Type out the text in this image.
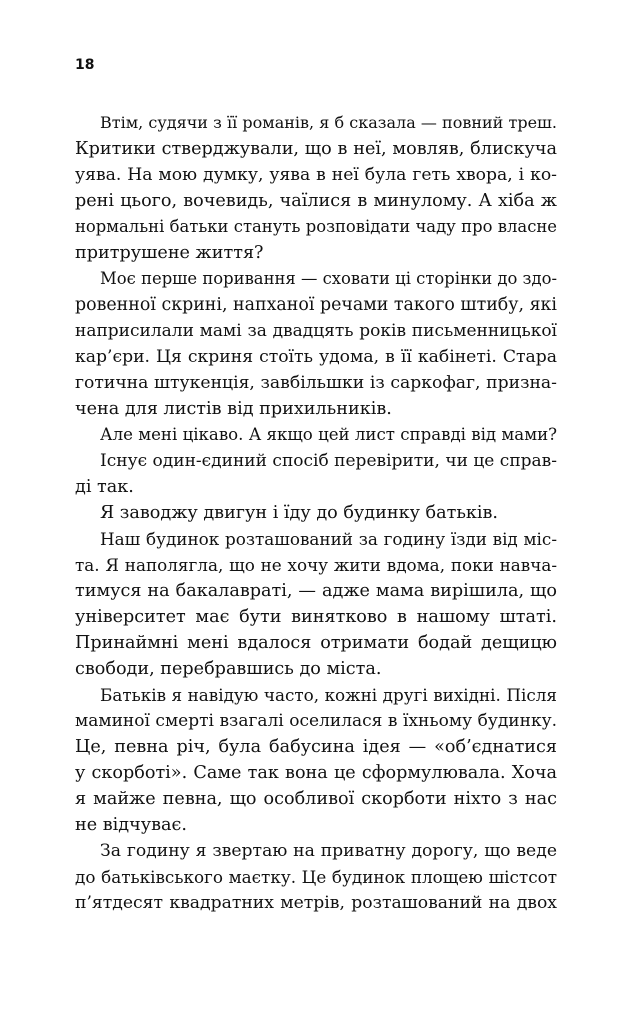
18
Втім, судячи з її романів, я б сказала — повний треш.
Критики стверджували, що в неї, мовляв, блискуча
уява. На мою думку, уява в неї була геть хвора, і ко-
рені цього, вочевидь, чаїлися в минулому. А хіба ж
нормальні батьки стануть розповідати чаду про власне
притрушене життя?
Моє перше поривання — сховати ці сторінки до здо-
ровенної скрині, напханої речами такого штибу, які
наприсилали мамі за двадцять років письменницької
кар’єри. Ця скриня стоїть удома, в її кабінеті. Стара
готична штукенція, завбільшки із саркофаг, призна-
чена для листів від прихильників.
Але мені цікаво. А якщо цей лист справді від мами?
Існує один-єдиний спосіб перевірити, чи це справ-
ді так.
Я заводжу двигун і їду до будинку батьків.
Наш будинок розташований за годину їзди від міс-
та. Я наполягла, що не хочу жити вдома, поки навча-
тимуся на бакалавраті, — адже мама вирішила, що
університет має бути винятково в нашому штаті.
Принаймні мені вдалося отримати бодай дещицю
свободи, перебравшись до міста.
Батьків я навідую часто, кожні другі вихідні. Після
маминої смерті взагалі оселилася в їхньому будинку.
Це, певна річ, була бабусина ідея — «об’єднатися
у скорботі». Саме так вона це сформулювала. Хоча
я майже певна, що особливої скорботи ніхто з нас
не відчуває.
За годину я звертаю на приватну дорогу, що веде
до батьківського маєтку. Це будинок площею шістсот
п’ятдесят квадратних метрів, розташований на двох
